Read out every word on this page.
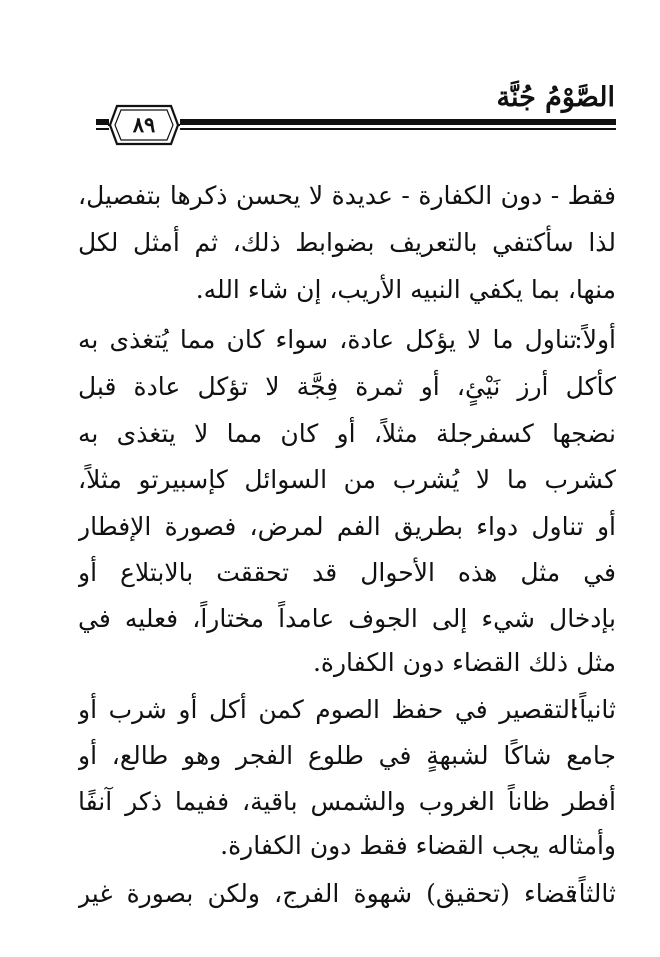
الصَّوْمُ جُنَّة
٨٩
فقط - دون الكفارة - عديدة لا يحسن ذكرها بتفصيل،
لذا سأكتفي بالتعريف بضوابط ذلك، ثم أمثل لكل
منها، بما يكفي النبيه الأريب، إن شاء الله.
أولاً:
تناول ما لا يؤكل عادة، سواء كان مما يُتغذى به
كأكل أرز نَيْئٍ، أو ثمرة فِجَّة لا تؤكل عادة قبل
نضجها كسفرجلة مثلاً، أو كان مما لا يتغذى به
كشرب ما لا يُشرب من السوائل كإسبيرتو مثلاً،
أو تناول دواء بطريق الفم لمرض، فصورة الإفطار
في مثل هذه الأحوال قد تحققت بالابتلاع أو
بإدخال شيء إلى الجوف عامداً مختاراً، فعليه في
مثل ذلك القضاء دون الكفارة.
ثانياً:
التقصير في حفظ الصوم كمن أكل أو شرب أو
جامع شاكًا لشبهةٍ في طلوع الفجر وهو طالع، أو
أفطر ظاناً الغروب والشمس باقية، ففيما ذكر آنفًا
وأمثاله يجب القضاء فقط دون الكفارة.
ثالثاً:
قضاء (تحقيق) شهوة الفرج، ولكن بصورة غير
